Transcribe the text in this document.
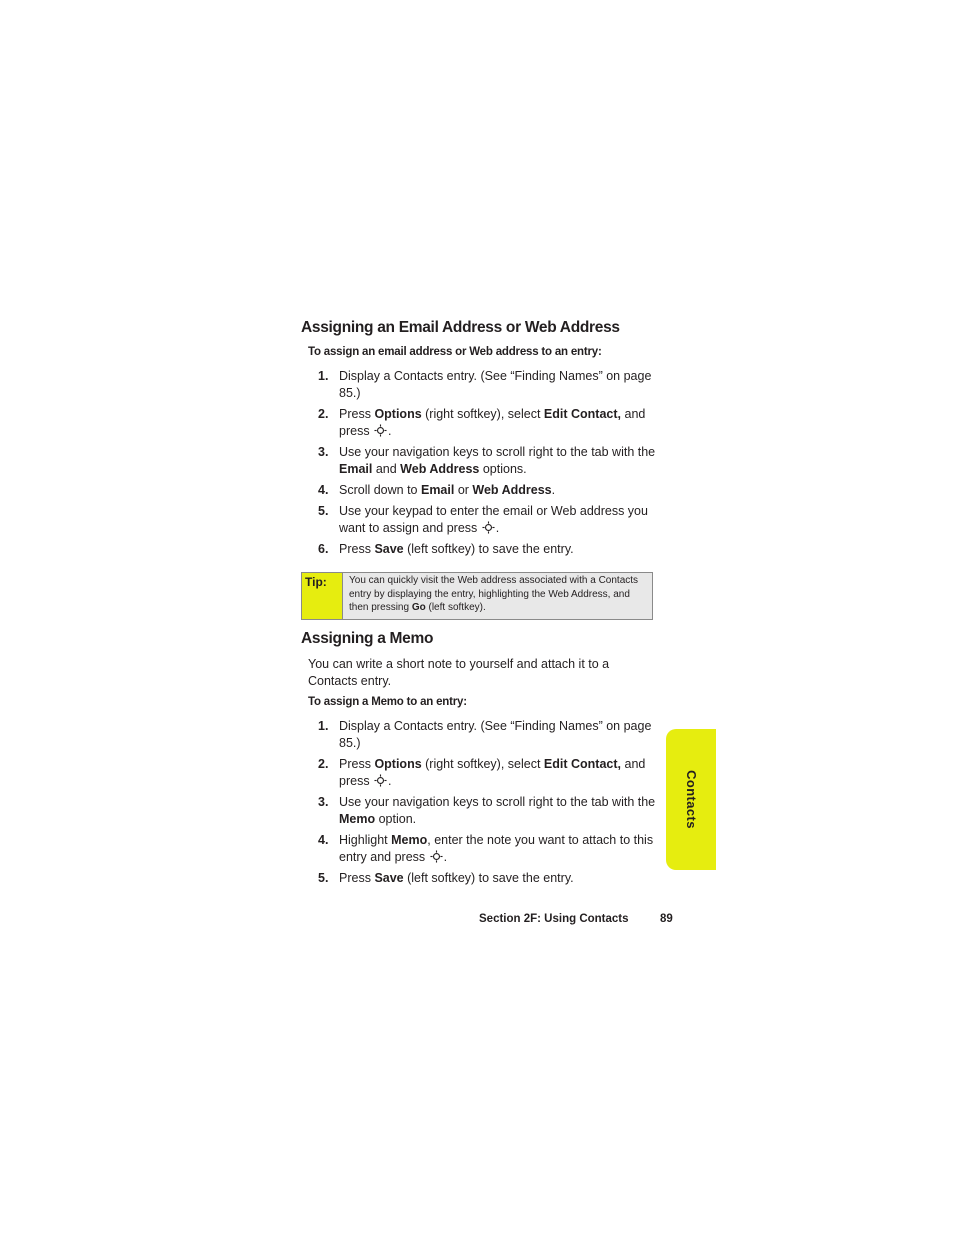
Assigning an Email Address or Web Address
To assign an email address or Web address to an entry:
1. Display a Contacts entry. (See “Finding Names” on page 85.)
2. Press Options (right softkey), select Edit Contact, and press .
3. Use your navigation keys to scroll right to the tab with the Email and Web Address options.
4. Scroll down to Email or Web Address.
5. Use your keypad to enter the email or Web address you want to assign and press .
6. Press Save (left softkey) to save the entry.
Tip:	You can quickly visit the Web address associated with a Contacts entry by displaying the entry, highlighting the Web Address, and then pressing Go (left softkey).
Assigning a Memo
You can write a short note to yourself and attach it to a Contacts entry.
To assign a Memo to an entry:
1. Display a Contacts entry. (See “Finding Names” on page 85.)
2. Press Options (right softkey), select Edit Contact, and press .
3. Use your navigation keys to scroll right to the tab with the Memo option.
4. Highlight Memo, enter the note you want to attach to this entry and press .
5. Press Save (left softkey) to save the entry.
Contacts
Section 2F: Using Contacts	89
